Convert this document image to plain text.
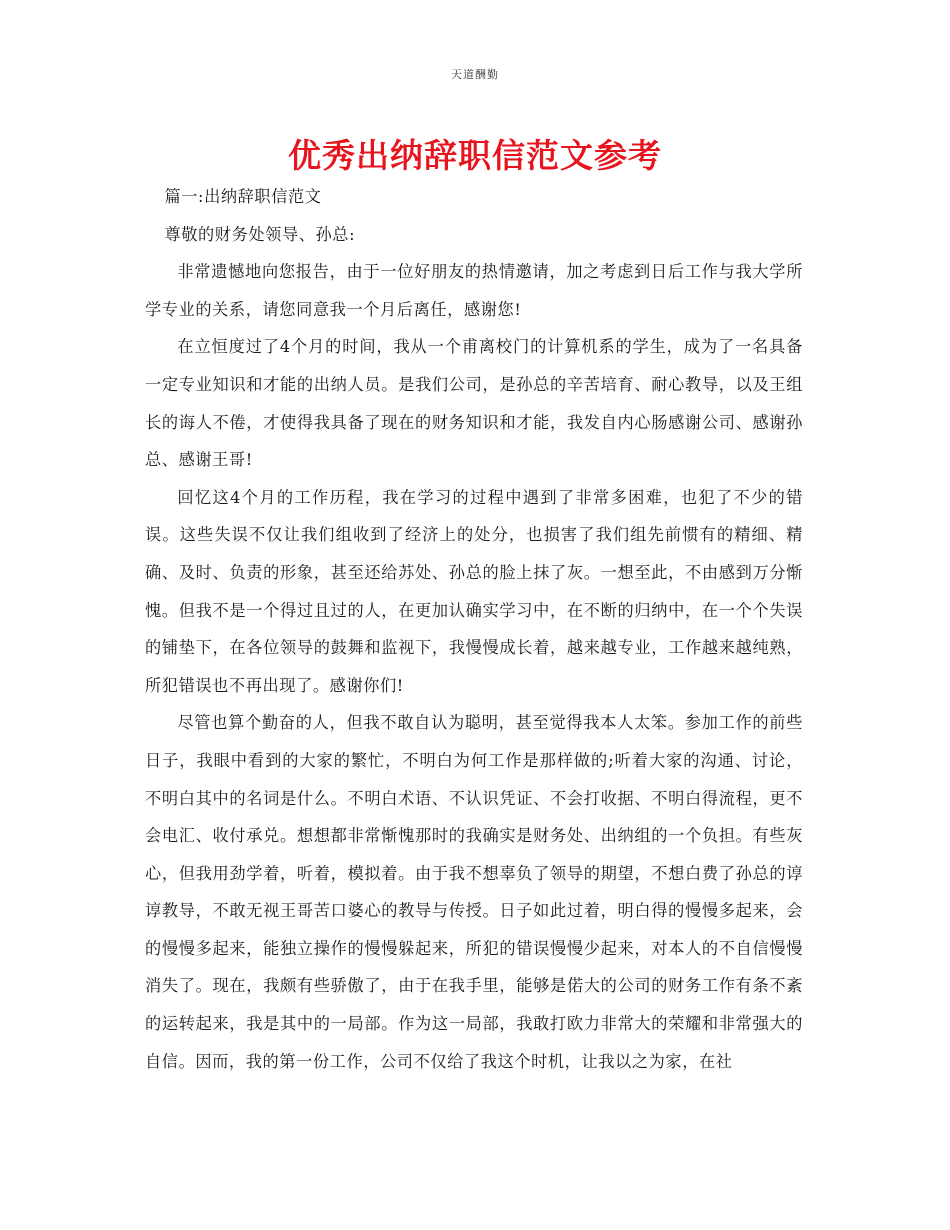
天道酬勤
优秀出纳辞职信范文参考

篇一:出纳辞职信范文

尊敬的财务处领导、孙总:

非常遗憾地向您报告，由于一位好朋友的热情邀请，加之考虑到日后工作与我大学所学专业的关系，请您同意我一个月后离任，感谢您!

在立恒度过了4个月的时间，我从一个甫离校门的计算机系的学生，成为了一名具备一定专业知识和才能的出纳人员。是我们公司，是孙总的辛苦培育、耐心教导，以及王组长的诲人不倦，才使得我具备了现在的财务知识和才能，我发自内心肠感谢公司、感谢孙总、感谢王哥!

回忆这4个月的工作历程，我在学习的过程中遇到了非常多困难，也犯了不少的错误。这些失误不仅让我们组收到了经济上的处分，也损害了我们组先前惯有的精细、精确、及时、负责的形象，甚至还给苏处、孙总的脸上抹了灰。一想至此，不由感到万分惭愧。但我不是一个得过且过的人，在更加认确实学习中，在不断的归纳中，在一个个失误的铺垫下，在各位领导的鼓舞和监视下，我慢慢成长着，越来越专业，工作越来越纯熟，所犯错误也不再出现了。感谢你们!

尽管也算个勤奋的人，但我不敢自认为聪明，甚至觉得我本人太笨。参加工作的前些日子，我眼中看到的大家的繁忙，不明白为何工作是那样做的;听着大家的沟通、讨论，不明白其中的名词是什么。不明白术语、不认识凭证、不会打收据、不明白得流程，更不会电汇、收付承兑。想想都非常惭愧那时的我确实是财务处、出纳组的一个负担。有些灰心，但我用劲学着，听着，模拟着。由于我不想辜负了领导的期望，不想白费了孙总的谆谆教导，不敢无视王哥苦口婆心的教导与传授。日子如此过着，明白得的慢慢多起来，会的慢慢多起来，能独立操作的慢慢躲起来，所犯的错误慢慢少起来，对本人的不自信慢慢消失了。现在，我颇有些骄傲了，由于在我手里，能够是偌大的公司的财务工作有条不紊的运转起来，我是其中的一局部。作为这一局部，我敢打欧力非常大的荣耀和非常强大的自信。因而，我的第一份工作，公司不仅给了我这个时机，让我以之为家，在社
